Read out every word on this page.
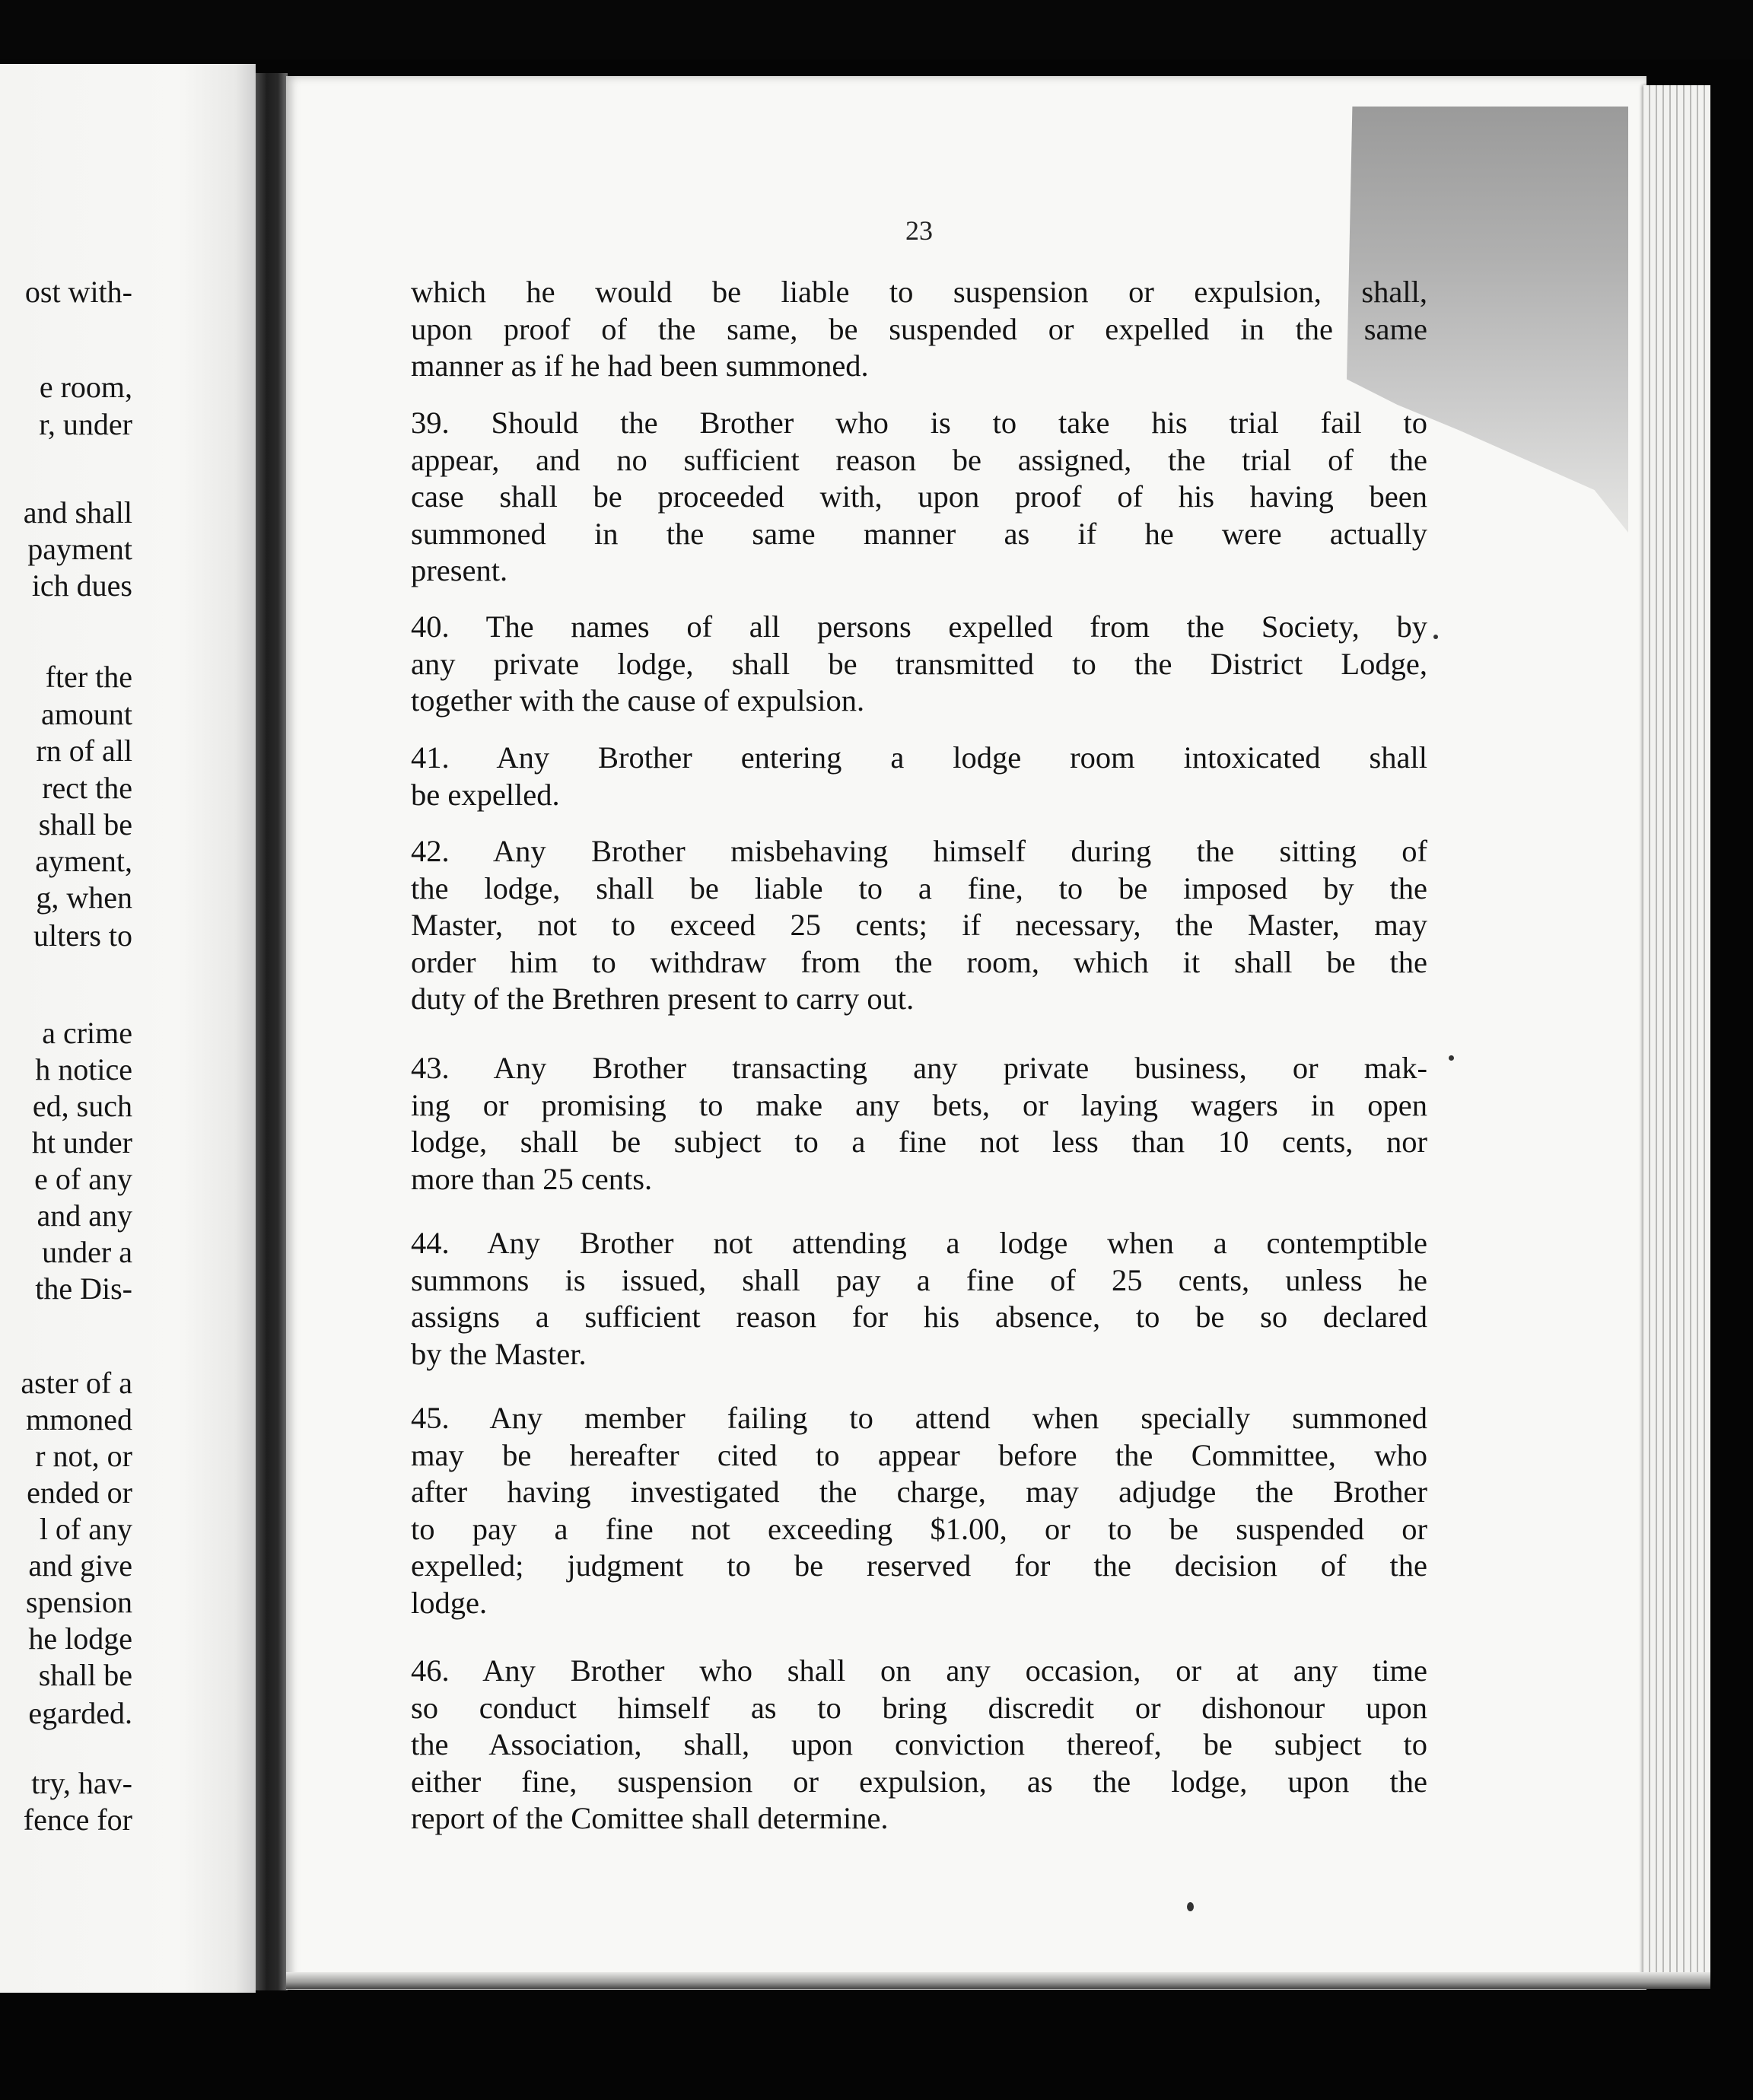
ost with-
e room,
r, under
and shall
payment
ich dues
fter the
amount
rn of all
rect the
shall be
ayment,
g, when
ulters to
a crime
h notice
ed, such
ht under
e of any
and any
under a
the Dis-
aster of a
mmoned
r not, or
ended or
l of any
and give
spension
he lodge
shall be
egarded.
try, hav-
fence for
23
which he would be liable to suspension or expulsion, shall,
upon proof of the same, be suspended or expelled in the same
manner as if he had been summoned.
39. Should the Brother who is to take his trial fail to
appear, and no sufficient reason be assigned, the trial of the
case shall be proceeded with, upon proof of his having been
summoned in the same manner as if he were actually
present.
40. The names of all persons expelled from the Society, by
any private lodge, shall be transmitted to the District Lodge,
together with the cause of expulsion.
41. Any Brother entering a lodge room intoxicated shall
be expelled.
42. Any Brother misbehaving himself during the sitting of
the lodge, shall be liable to a fine, to be imposed by the
Master, not to exceed 25 cents; if necessary, the Master, may
order him to withdraw from the room, which it shall be the
duty of the Brethren present to carry out.
43. Any Brother transacting any private business, or mak-
ing or promising to make any bets, or laying wagers in open
lodge, shall be subject to a fine not less than 10 cents, nor
more than 25 cents.
44. Any Brother not attending a lodge when a contemptible
summons is issued, shall pay a fine of 25 cents, unless he
assigns a sufficient reason for his absence, to be so declared
by the Master.
45. Any member failing to attend when specially summoned
may be hereafter cited to appear before the Committee, who
after having investigated the charge, may adjudge the Brother
to pay a fine not exceeding $1.00, or to be suspended or
expelled; judgment to be reserved for the decision of the
lodge.
46. Any Brother who shall on any occasion, or at any time
so conduct himself as to bring discredit or dishonour upon
the Association, shall, upon conviction thereof, be subject to
either fine, suspension or expulsion, as the lodge, upon the
report of the Comittee shall determine.
